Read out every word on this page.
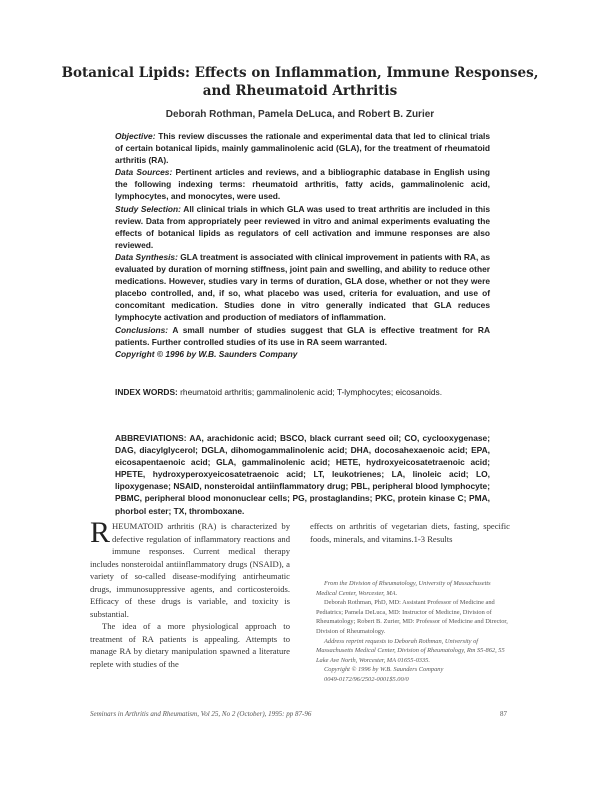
Botanical Lipids: Effects on Inflammation, Immune Responses,
and Rheumatoid Arthritis
Deborah Rothman, Pamela DeLuca, and Robert B. Zurier

Objective: This review discusses the rationale and experimental data that led to clinical trials of certain botanical lipids, mainly gammalinolenic acid (GLA), for the treatment of rheumatoid arthritis (RA).

Data Sources: Pertinent articles and reviews, and a bibliographic database in English using the following indexing terms: rheumatoid arthritis, fatty acids, gammalinolenic acid, lymphocytes, and monocytes, were used.

Study Selection: All clinical trials in which GLA was used to treat arthritis are included in this review. Data from appropriately peer reviewed in vitro and animal experiments evaluating the effects of botanical lipids as regulators of cell activation and immune responses are also reviewed.

Data Synthesis: GLA treatment is associated with clinical improvement in patients with RA, as evaluated by duration of morning stiffness, joint pain and swelling, and ability to reduce other medications. However, studies vary in terms of duration, GLA dose, whether or not they were placebo controlled, and, if so, what placebo was used, criteria for evaluation, and use of concomitant medication. Studies done in vitro generally indicated that GLA reduces lymphocyte activation and production of mediators of inflammation.

Conclusions: A small number of studies suggest that GLA is effective treatment for RA patients. Further controlled studies of its use in RA seem warranted.

Copyright © 1996 by W.B. Saunders Company

INDEX WORDS: rheumatoid arthritis; gammalinolenic acid; T-lymphocytes; eicosanoids.

ABBREVIATIONS: AA, arachidonic acid; BSCO, black currant seed oil; CO, cyclooxygenase; DAG, diacylglycerol; DGLA, dihomogammalinolenic acid; DHA, docosahexaenoic acid; EPA, eicosapentaenoic acid; GLA, gammalinolenic acid; HETE, hydroxyeicosatetraenoic acid; HPETE, hydroxyperoxyeicosatetraenoic acid; LT, leukotrienes; LA, linoleic acid; LO, lipoxygenase; NSAID, nonsteroidal antiinflammatory drug; PBL, peripheral blood lymphocyte; PBMC, peripheral blood mononuclear cells; PG, prostaglandins; PKC, protein kinase C; PMA, phorbol ester; TX, thromboxane.

RHEUMATOID arthritis (RA) is characterized by defective regulation of inflammatory reactions and immune responses. Current medical therapy includes nonsteroidal antiinflammatory drugs (NSAID), a variety of so-called disease-modifying antirheumatic drugs, immunosuppressive agents, and corticosteroids. Efficacy of these drugs is variable, and toxicity is substantial.

The idea of a more physiological approach to treatment of RA patients is appealing. Attempts to manage RA by dietary manipulation spawned a literature replete with studies of the

effects on arthritis of vegetarian diets, fasting, specific foods, minerals, and vitamins.1-3 Results

From the Division of Rheumatology, University of Massachusetts Medical Center, Worcester, MA.

Deborah Rothman, PhD, MD: Assistant Professor of Medicine and Pediatrics; Pamela DeLuca, MD: Instructor of Medicine, Division of Rheumatology; Robert B. Zurier, MD: Professor of Medicine and Director, Division of Rheumatology.

Address reprint requests to Deborah Rothman, University of Massachusetts Medical Center, Division of Rheumatology, Rm S5-862, 55 Lake Ave North, Worcester, MA 01655-0335.

Copyright © 1996 by W.B. Saunders Company

0049-0172/96/2502-0001$5.00/0

Seminars in Arthritis and Rheumatism, Vol 25, No 2 (October), 1995: pp 87-96	87
